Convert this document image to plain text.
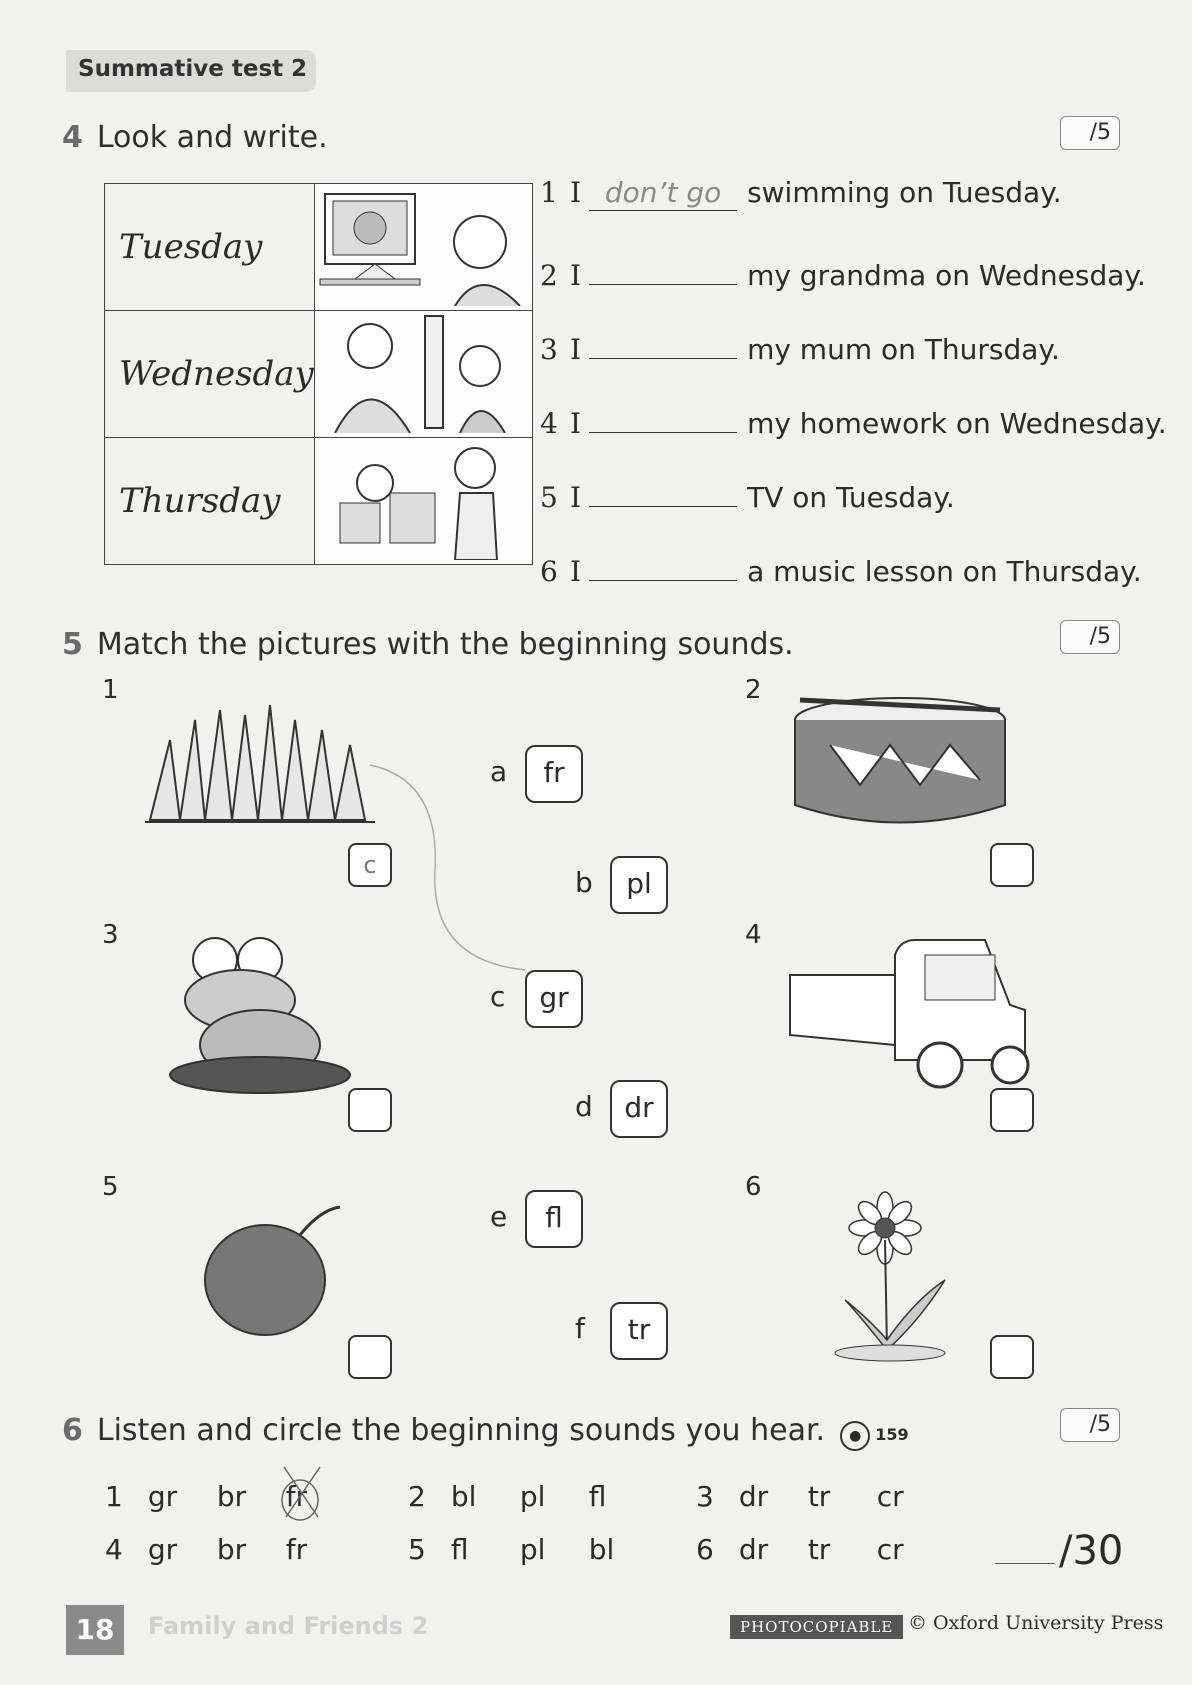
Summative test 2
4 Look and write.	/5
Tuesday	
Wednesday	
Thursday	
1 I don’t go swimming on Tuesday.
2 I	my grandma on Wednesday.
3 I	my mum on Thursday.
4 I	my homework on Wednesday.
5 I	TV on Tuesday.
6 I	a music lesson on Thursday.
5 Match the pictures with the beginning sounds.	/5
1
c
2
3	4
5	6
a	fr
b	pl
c	gr
d	dr
e	fl
f	tr
6 Listen and circle the beginning sounds you hear. ● 159	/5
1 gr br fr	2 bl pl fl	3 dr tr cr
4 gr br fr	5 fl pl bl	6 dr tr cr	/30
18	Family and Friends 2	PHOTOCOPIABLE © Oxford University Press
